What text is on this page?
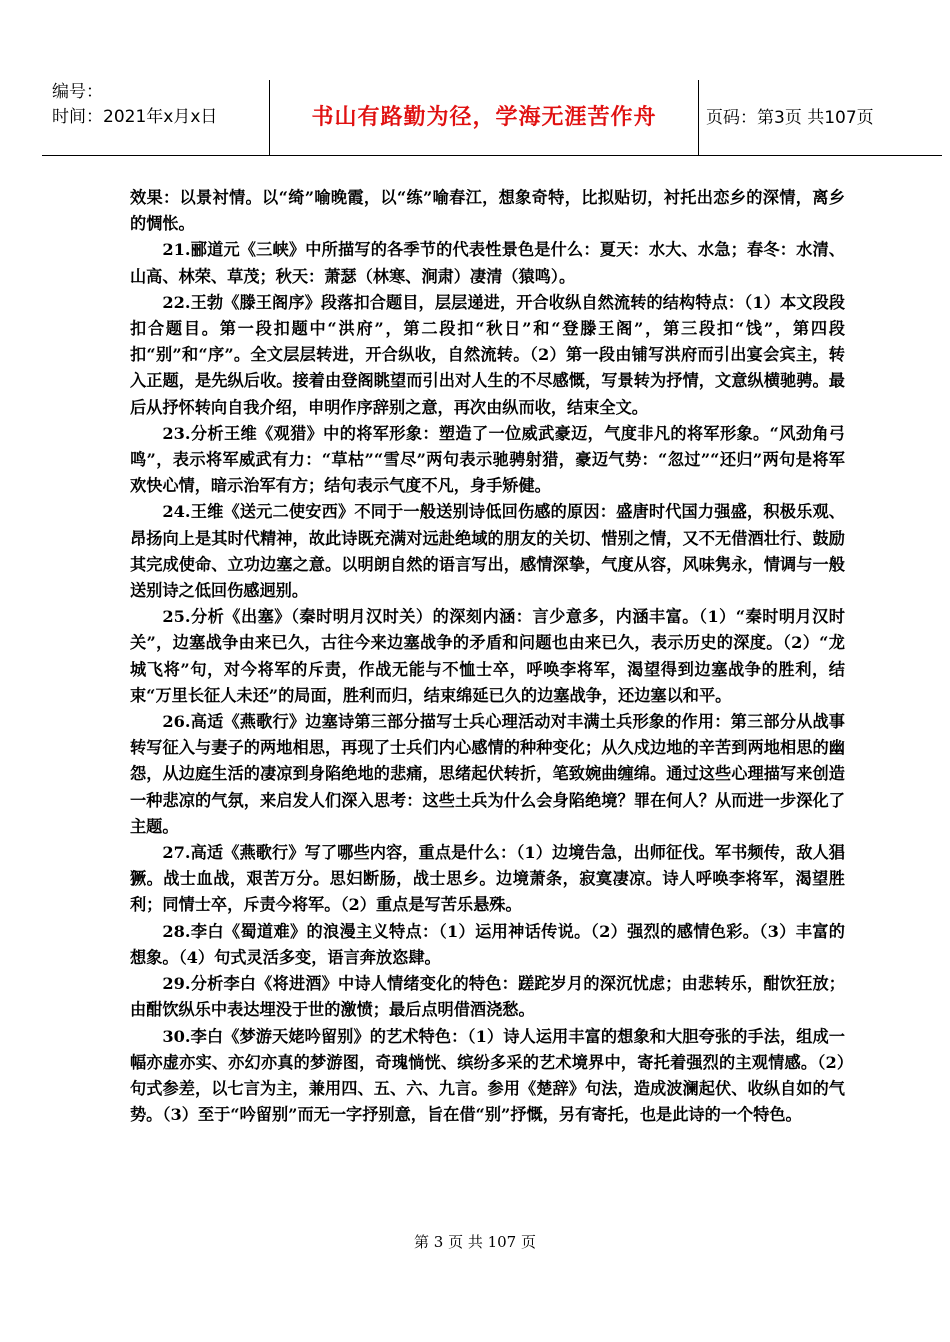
编号：
时间：2021年x月x日	书山有路勤为径，学海无涯苦作舟	页码：第3页 共107页

效果：以景衬情。以“绮”喻晚霞，以“练”喻春江，想象奇特，比拟贴切，衬托出恋乡的深情，离乡的惆怅。

21.郦道元《三峡》中所描写的各季节的代表性景色是什么：夏天：水大、水急；春冬：水清、山高、林荣、草茂；秋天：萧瑟（林寒、涧肃）凄清（猿鸣）。

22.王勃《滕王阁序》段落扣合题目，层层递进，开合收纵自然流转的结构特点：（1）本文段段扣合题目。第一段扣题中“洪府”，第二段扣“秋日”和“登滕王阁”，第三段扣“饯”，第四段扣“别”和“序”。全文层层转进，开合纵收，自然流转。（2）第一段由铺写洪府而引出宴会宾主，转入正题，是先纵后收。接着由登阁眺望而引出对人生的不尽感慨，写景转为抒情，文意纵横驰骋。最后从抒怀转向自我介绍，申明作序辞别之意，再次由纵而收，结束全文。

23.分析王维《观猎》中的将军形象：塑造了一位威武豪迈，气度非凡的将军形象。“风劲角弓鸣”，表示将军威武有力：“草枯”“雪尽”两句表示驰骋射猎，豪迈气势：“忽过”“还归”两句是将军欢快心情，暗示治军有方；结句表示气度不凡，身手矫健。

24.王维《送元二使安西》不同于一般送别诗低回伤感的原因：盛唐时代国力强盛，积极乐观、昂扬向上是其时代精神，故此诗既充满对远赴绝域的朋友的关切、惜别之情，又不无借酒壮行、鼓励其完成使命、立功边塞之意。以明朗自然的语言写出，感情深挚，气度从容，风味隽永，情调与一般送别诗之低回伤感迥别。

25.分析《出塞》（秦时明月汉时关）的深刻内涵：言少意多，内涵丰富。（1）“秦时明月汉时关”，边塞战争由来已久，古往今来边塞战争的矛盾和问题也由来已久，表示历史的深度。（2）“龙城飞将”句，对今将军的斥责，作战无能与不恤士卒，呼唤李将军，渴望得到边塞战争的胜利，结束“万里长征人未还”的局面，胜利而归，结束绵延已久的边塞战争，还边塞以和平。

26.高适《燕歌行》边塞诗第三部分描写士兵心理活动对丰满土兵形象的作用：第三部分从战事转写征入与妻子的两地相思，再现了士兵们内心感情的种种变化；从久戍边地的辛苦到两地相思的幽怨，从边庭生活的凄凉到身陷绝地的悲痛，思绪起伏转折，笔致婉曲缠绵。通过这些心理描写来创造一种悲凉的气氛，来启发人们深入思考：这些土兵为什么会身陷绝境？罪在何人？从而进一步深化了主题。

27.高适《燕歌行》写了哪些内容，重点是什么：（1）边境告急，出师征伐。军书频传，敌人猖獗。战士血战，艰苦万分。思妇断肠，战士思乡。边境萧条，寂寞凄凉。诗人呼唤李将军，渴望胜利；同情士卒，斥责今将军。（2）重点是写苦乐悬殊。

28.李白《蜀道难》的浪漫主义特点：（1）运用神话传说。（2）强烈的感情色彩。（3）丰富的想象。（4）句式灵活多变，语言奔放恣肆。

29.分析李白《将进酒》中诗人情绪变化的特色：蹉跎岁月的深沉忧虑；由悲转乐，酣饮狂放；由酣饮纵乐中表达埋没于世的激愤；最后点明借酒浇愁。

30.李白《梦游天姥吟留别》的艺术特色：（1）诗人运用丰富的想象和大胆夸张的手法，组成一幅亦虚亦实、亦幻亦真的梦游图，奇瑰惝恍、缤纷多采的艺术境界中，寄托着强烈的主观情感。（2）句式参差，以七言为主，兼用四、五、六、九言。参用《楚辞》句法，造成波澜起伏、收纵自如的气势。（3）至于“吟留别”而无一字抒别意，旨在借“别”抒慨，另有寄托，也是此诗的一个特色。

第 3 页 共 107 页
